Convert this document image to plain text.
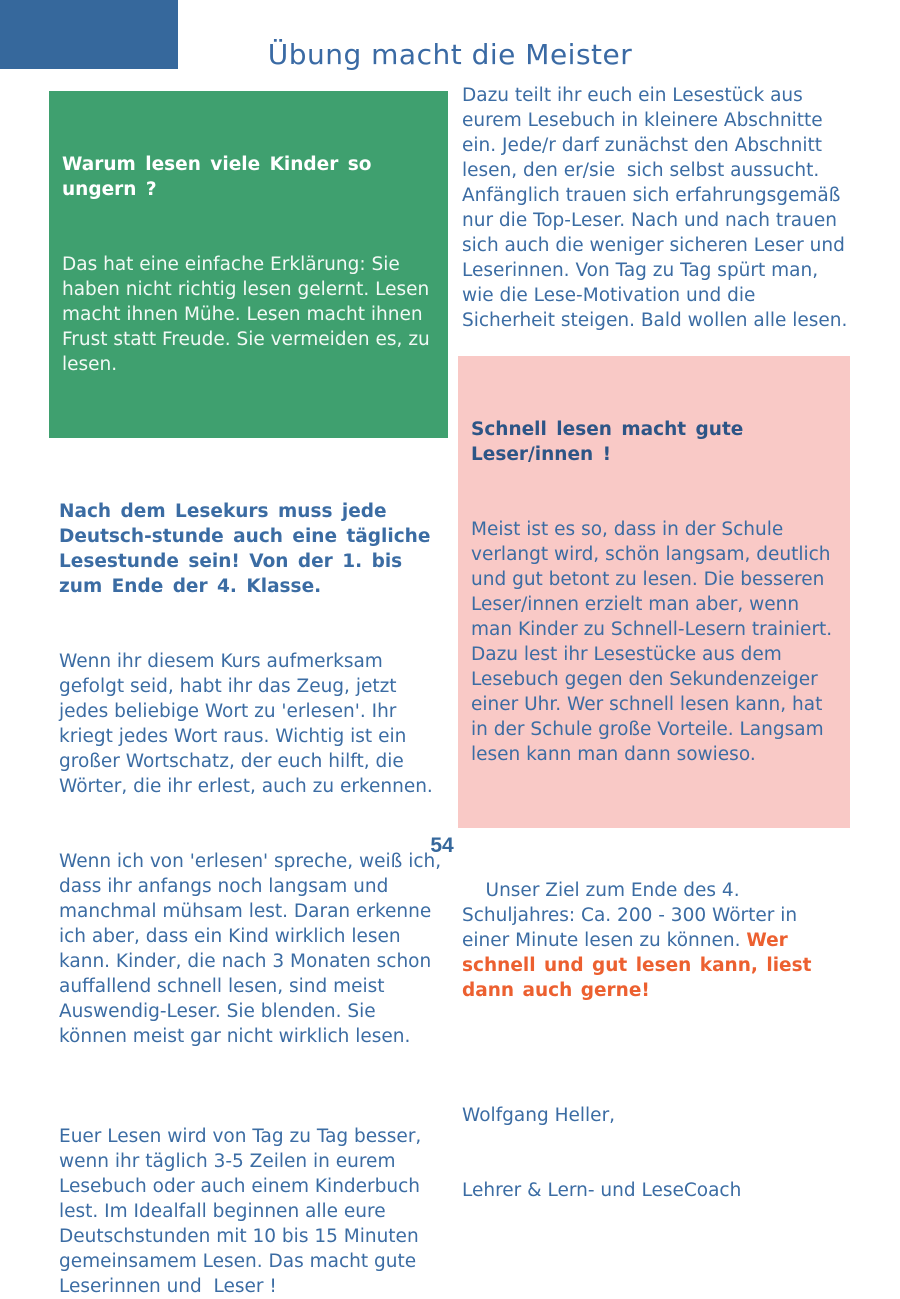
Übung macht die Meister

Warum lesen viele Kinder so ungern ?

Das hat eine einfache Erklärung: Sie haben nicht richtig lesen gelernt. Lesen macht ihnen Mühe. Lesen macht ihnen Frust statt Freude. Sie vermeiden es, zu lesen.

Nach dem Lesekurs muss jede Deutsch-stunde auch eine tägliche Lesestunde sein! Von der 1. bis zum Ende der 4. Klasse.

Wenn ihr diesem Kurs aufmerksam gefolgt seid, habt ihr das Zeug, jetzt jedes beliebige Wort zu 'erlesen'. Ihr kriegt jedes Wort raus. Wichtig ist ein großer Wortschatz, der euch hilft, die Wörter, die ihr erlest, auch zu erkennen.

Wenn ich von 'erlesen' spreche, weiß ich, dass ihr anfangs noch langsam und manchmal mühsam lest. Daran erkenne ich aber, dass ein Kind wirklich lesen kann. Kinder, die nach 3 Monaten schon auffallend schnell lesen, sind meist Auswendig-Leser. Sie blenden. Sie können meist gar nicht wirklich lesen.

Euer Lesen wird von Tag zu Tag besser, wenn ihr täglich 3-5 Zeilen in eurem Lesebuch oder auch einem Kinderbuch lest. Im Idealfall beginnen alle eure Deutschstunden mit 10 bis 15 Minuten gemeinsamem Lesen. Das macht gute Leserinnen und  Leser !

Dazu teilt ihr euch ein Lesestück aus eurem Lesebuch in kleinere Abschnitte ein. Jede/r darf zunächst den Abschnitt lesen, den er/sie  sich selbst aussucht.  Anfänglich trauen sich erfahrungsgemäß nur die Top-Leser. Nach und nach trauen sich auch die weniger sicheren Leser und Leserinnen. Von Tag zu Tag spürt man, wie die Lese-Motivation und die Sicherheit steigen. Bald wollen alle lesen.

Schnell lesen macht gute Leser/innen !

Meist ist es so, dass in der Schule verlangt wird, schön langsam, deutlich und gut betont zu lesen. Die besseren Leser/innen erzielt man aber, wenn man Kinder zu Schnell-Lesern trainiert. Dazu lest ihr Lesestücke aus dem Lesebuch gegen den Sekundenzeiger einer Uhr. Wer schnell lesen kann, hat in der Schule große Vorteile. Langsam lesen kann man dann sowieso.

Unser Ziel zum Ende des 4. Schuljahres: Ca. 200 - 300 Wörter in einer Minute lesen zu können. Wer schnell und gut lesen kann, liest dann auch gerne!

Wolfgang Heller,

Lehrer & Lern- und LeseCoach

54
